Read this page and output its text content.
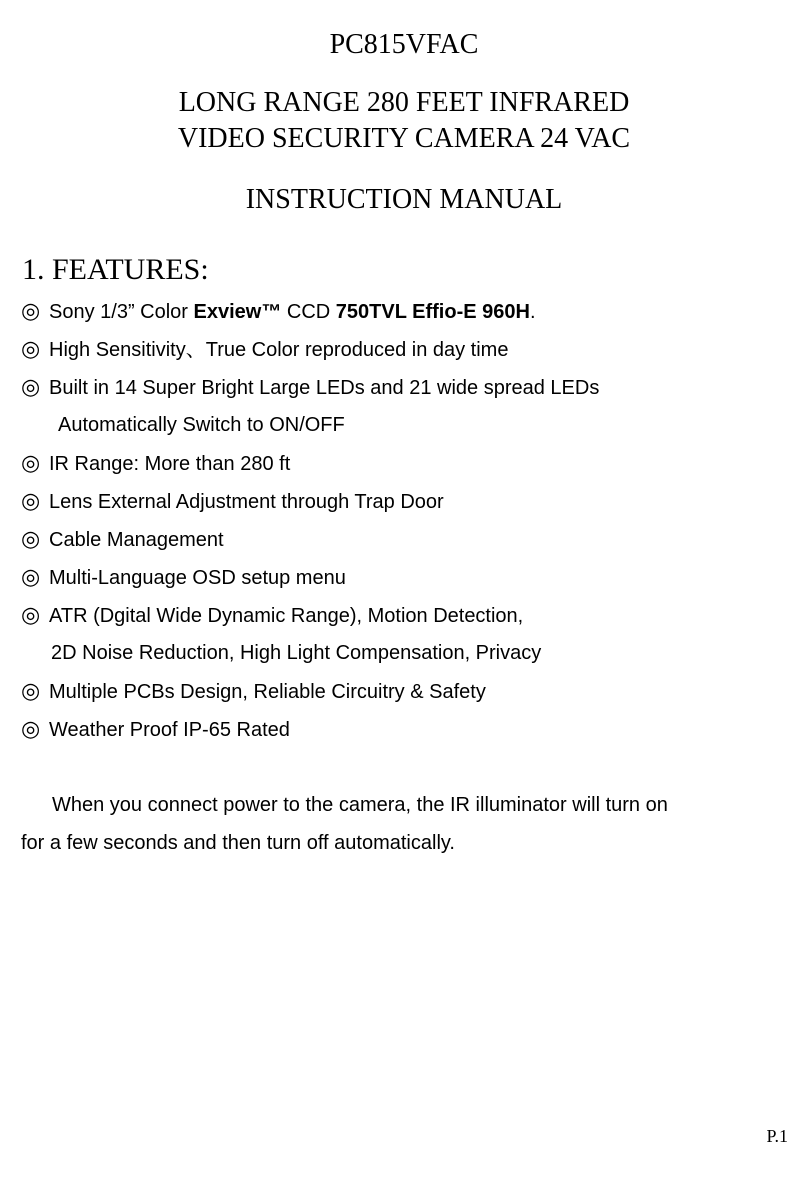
PC815VFAC
LONG RANGE 280 FEET INFRARED
VIDEO SECURITY CAMERA 24 VAC
INSTRUCTION MANUAL
1. FEATURES:
◎ Sony 1/3” Color Exview™ CCD 750TVL Effio-E 960H.
◎ High Sensitivity、True Color reproduced in day time
◎ Built in 14 Super Bright Large LEDs and 21 wide spread LEDs
Automatically Switch to ON/OFF
◎ IR Range: More than 280 ft
◎ Lens External Adjustment through Trap Door
◎ Cable Management
◎ Multi-Language OSD setup menu
◎ ATR (Dgital Wide Dynamic Range), Motion Detection,
2D Noise Reduction, High Light Compensation, Privacy
◎ Multiple PCBs Design, Reliable Circuitry & Safety
◎ Weather Proof IP-65 Rated
When you connect power to the camera, the IR illuminator will turn on
for a few seconds and then turn off automatically.
P.1
